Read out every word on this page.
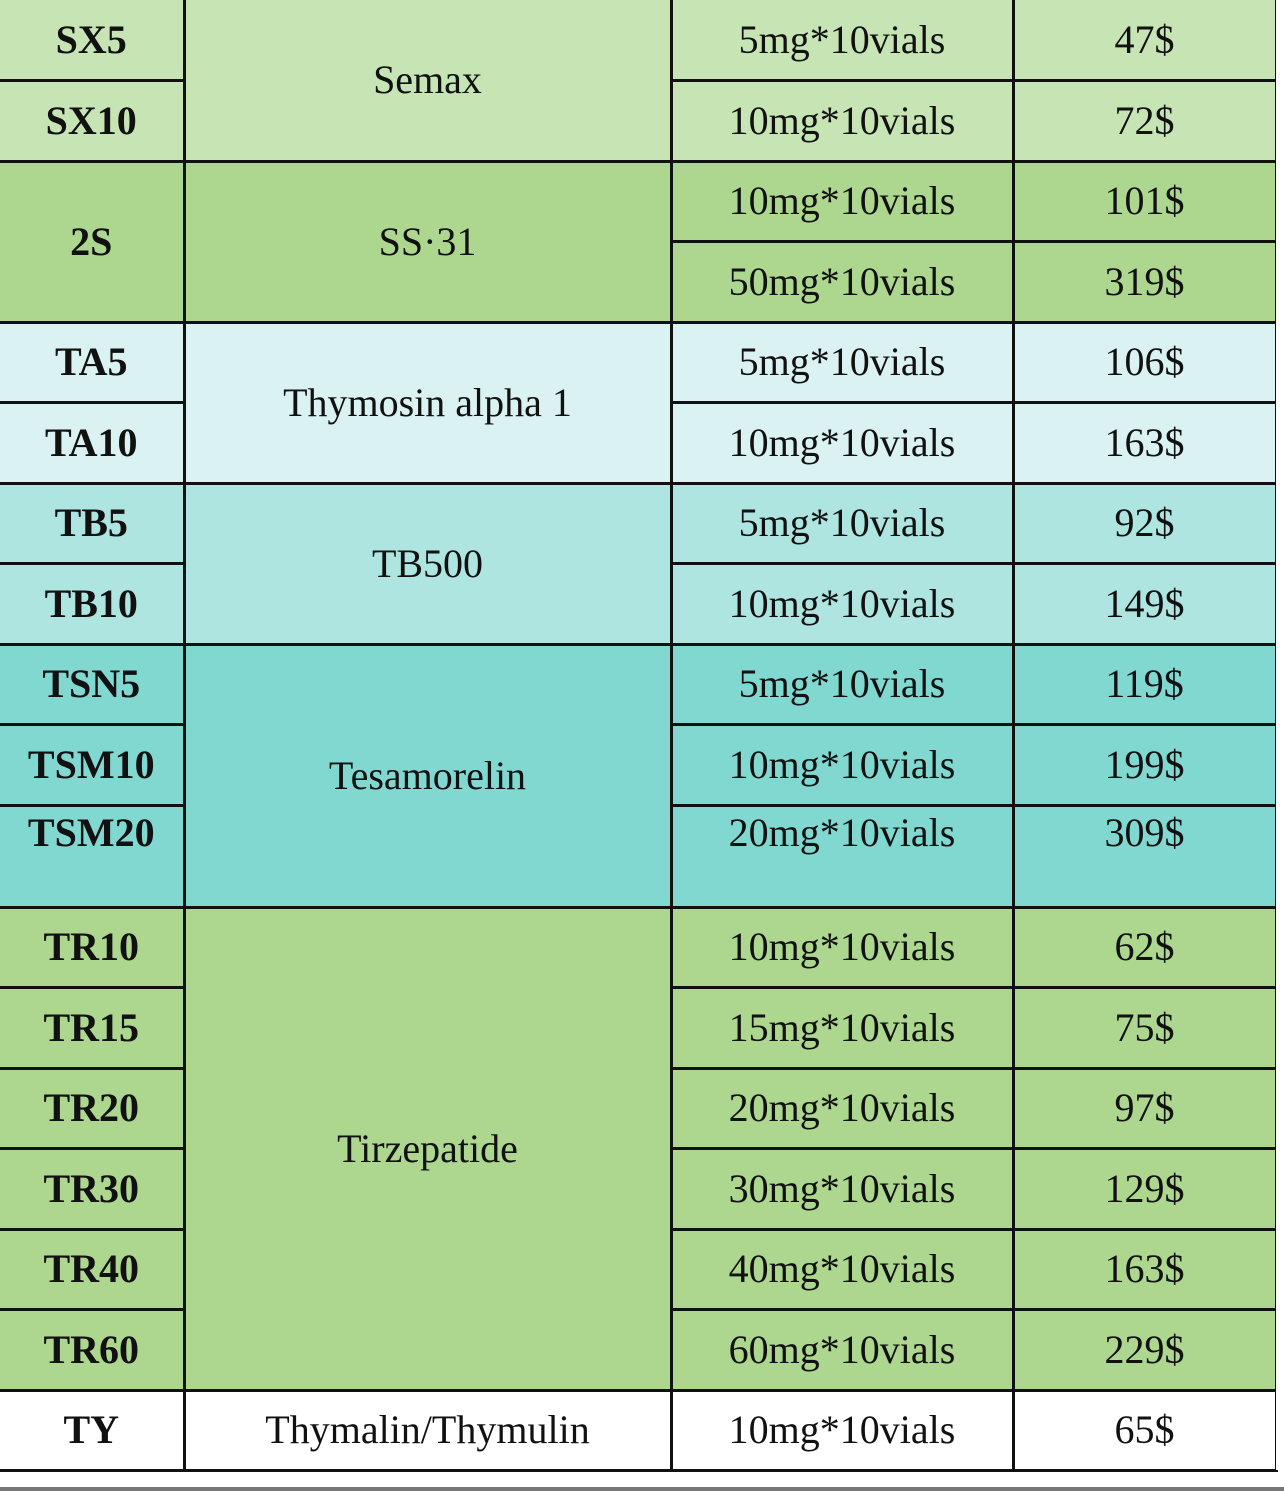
SX5	Semax	5mg*10vials	47$
SX10		10mg*10vials	72$
2S	SS·31	10mg*10vials	101$
		50mg*10vials	319$
TA5	Thymosin alpha 1	5mg*10vials	106$
TA10		10mg*10vials	163$
TB5	TB500	5mg*10vials	92$
TB10		10mg*10vials	149$
TSN5	Tesamorelin	5mg*10vials	119$
TSM10		10mg*10vials	199$
TSM20		20mg*10vials	309$
TR10	Tirzepatide	10mg*10vials	62$
TR15		15mg*10vials	75$
TR20		20mg*10vials	97$
TR30		30mg*10vials	129$
TR40		40mg*10vials	163$
TR60		60mg*10vials	229$
TY	Thymalin/Thymulin	10mg*10vials	65$
